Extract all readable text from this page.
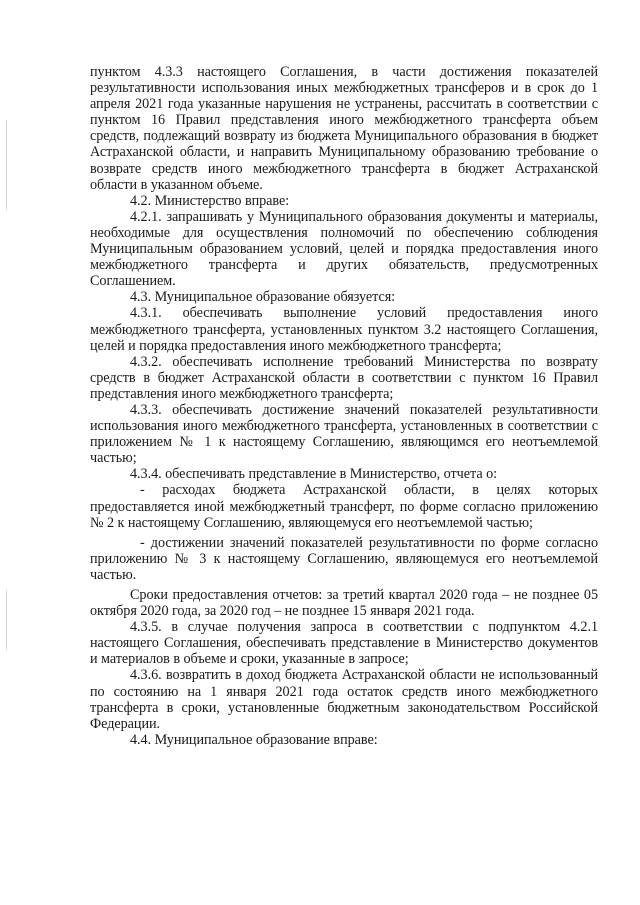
пунктом 4.3.3 настоящего Соглашения, в части достижения показателей результативности использования иных межбюджетных трансферов и в срок до 1 апреля 2021 года указанные нарушения не устранены, рассчитать в соответствии с пунктом 16 Правил представления иного межбюджетного трансферта объем средств, подлежащий возврату из бюджета Муниципального образования в бюджет Астраханской области, и направить Муниципальному образованию требование о возврате средств иного межбюджетного трансферта в бюджет Астраханской области в указанном объеме.

4.2. Министерство вправе:

4.2.1. запрашивать у Муниципального образования документы и материалы, необходимые для осуществления полномочий по обеспечению соблюдения Муниципальным образованием условий, целей и порядка предоставления иного межбюджетного трансферта и других обязательств, предусмотренных Соглашением.

4.3. Муниципальное образование обязуется:

4.3.1. обеспечивать выполнение условий предоставления иного межбюджетного трансферта, установленных пунктом 3.2 настоящего Соглашения, целей и порядка предоставления иного межбюджетного трансферта;

4.3.2. обеспечивать исполнение требований Министерства по возврату средств в бюджет Астраханской области в соответствии с пунктом 16 Правил представления иного межбюджетного трансферта;

4.3.3. обеспечивать достижение значений показателей результативности использования иного межбюджетного трансферта, установленных в соответствии с приложением № 1 к настоящему Соглашению, являющимся его неотъемлемой частью;

4.3.4. обеспечивать представление в Министерство, отчета о:

- расходах бюджета Астраханской области, в целях которых предоставляется иной межбюджетный трансферт, по форме согласно приложению № 2 к настоящему Соглашению, являющемуся его неотъемлемой частью;

- достижении значений показателей результативности по форме согласно приложению № 3 к настоящему Соглашению, являющемуся его неотъемлемой частью.

Сроки предоставления отчетов: за третий квартал 2020 года – не позднее 05 октября 2020 года, за 2020 год – не позднее 15 января 2021 года.

4.3.5. в случае получения запроса в соответствии с подпунктом 4.2.1 настоящего Соглашения, обеспечивать представление в Министерство документов и материалов в объеме и сроки, указанные в запросе;

4.3.6. возвратить в доход бюджета Астраханской области не использованный по состоянию на 1 января 2021 года остаток средств иного межбюджетного трансферта в сроки, установленные бюджетным законодательством Российской Федерации.

4.4. Муниципальное образование вправе:
